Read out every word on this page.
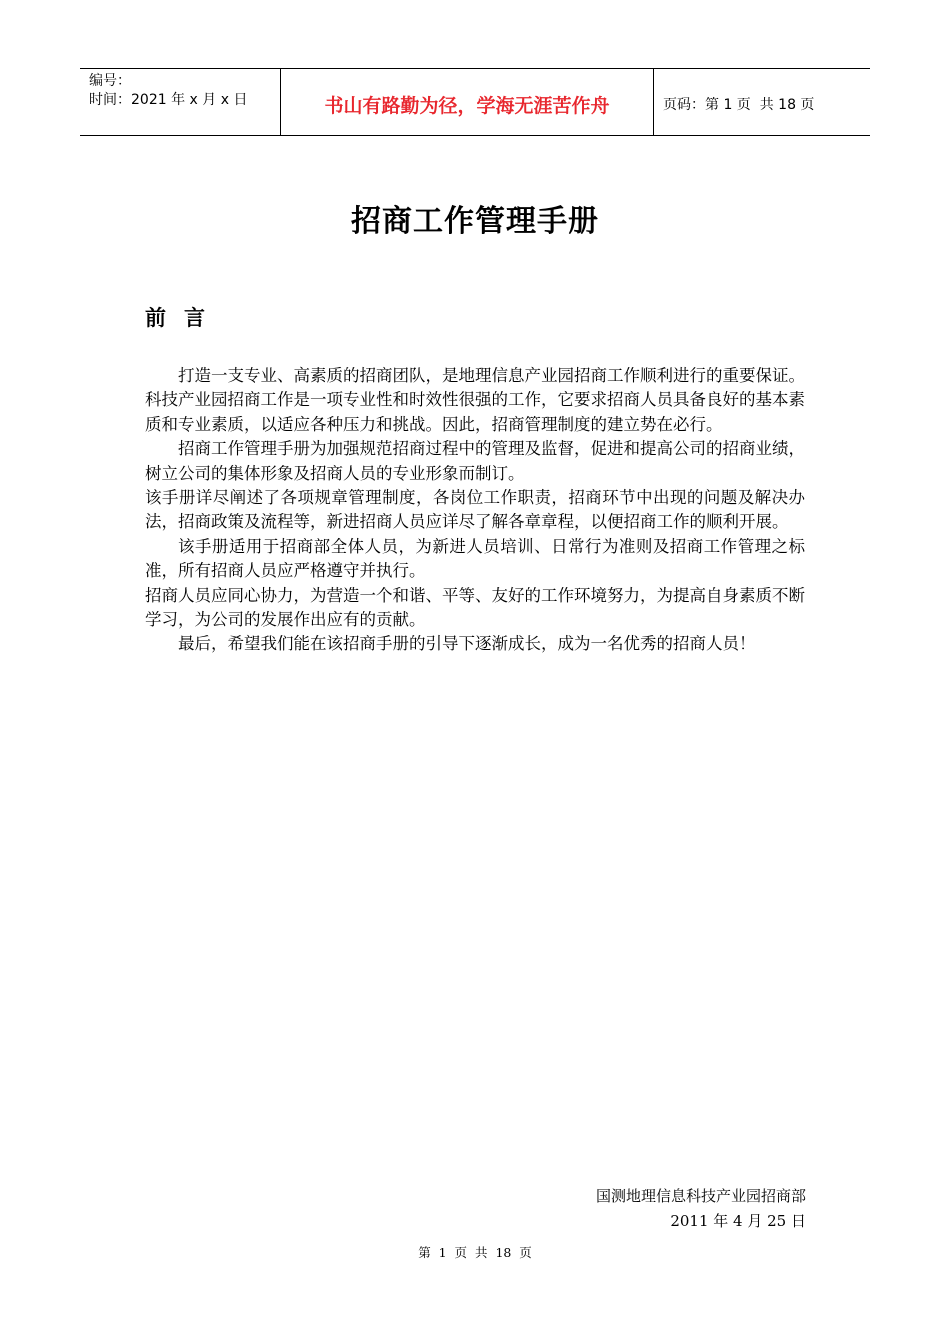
编号：
时间：2021 年 x 月 x 日	书山有路勤为径，学海无涯苦作舟	页码：第 1 页  共 18 页
招商工作管理手册
前言

打造一支专业、高素质的招商团队，是地理信息产业园招商工作顺利进行的重要保证。科技产业园招商工作是一项专业性和时效性很强的工作，它要求招商人员具备良好的基本素质和专业素质，以适应各种压力和挑战。因此，招商管理制度的建立势在必行。

招商工作管理手册为加强规范招商过程中的管理及监督，促进和提高公司的招商业绩，树立公司的集体形象及招商人员的专业形象而制订。

该手册详尽阐述了各项规章管理制度，各岗位工作职责，招商环节中出现的问题及解决办法，招商政策及流程等，新进招商人员应详尽了解各章章程，以便招商工作的顺利开展。

该手册适用于招商部全体人员，为新进人员培训、日常行为准则及招商工作管理之标准，所有招商人员应严格遵守并执行。

招商人员应同心协力，为营造一个和谐、平等、友好的工作环境努力，为提高自身素质不断学习，为公司的发展作出应有的贡献。

最后，希望我们能在该招商手册的引导下逐渐成长，成为一名优秀的招商人员！

国测地理信息科技产业园招商部
2011 年 4 月 25 日
第  1  页  共  18  页
